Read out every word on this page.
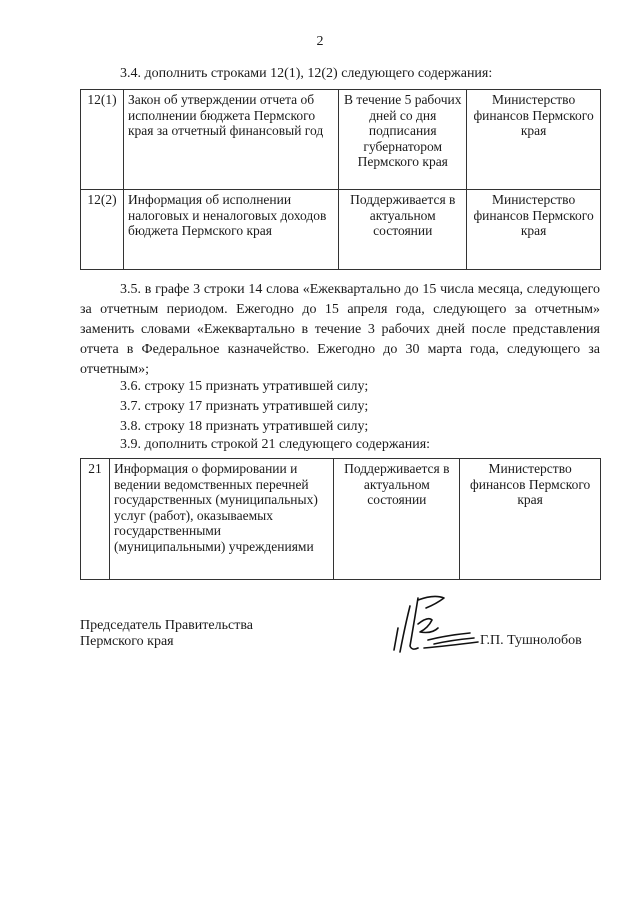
2

3.4. дополнить строками 12(1), 12(2) следующего содержания:

12(1)	Закон об утверждении отчета об исполнении бюджета Пермского края за отчетный финансовый год	В течение 5 рабочих дней со дня подписания губернатором Пермского края	Министерство финансов Пермского края
12(2)	Информация об исполнении налоговых и неналоговых доходов бюджета Пермского края	Поддерживается в актуальном состоянии	Министерство финансов Пермского края

3.5. в графе 3 строки 14 слова «Ежеквартально до 15 числа месяца, следующего за отчетным периодом. Ежегодно до 15 апреля года, следующего за отчетным» заменить словами «Ежеквартально в течение 3 рабочих дней после представления отчета в Федеральное казначейство. Ежегодно до 30 марта года, следующего за отчетным»;

3.6. строку 15 признать утратившей силу;

3.7. строку 17 признать утратившей силу;

3.8. строку 18 признать утратившей силу;

3.9. дополнить строкой 21 следующего содержания:

21	Информация о формировании и ведении ведомственных перечней государственных (муниципальных) услуг (работ), оказываемых государственными (муниципальными) учреждениями	Поддерживается в актуальном состоянии	Министерство финансов Пермского края
Председатель Правительства
Пермского края	Г.П. Тушнолобов
